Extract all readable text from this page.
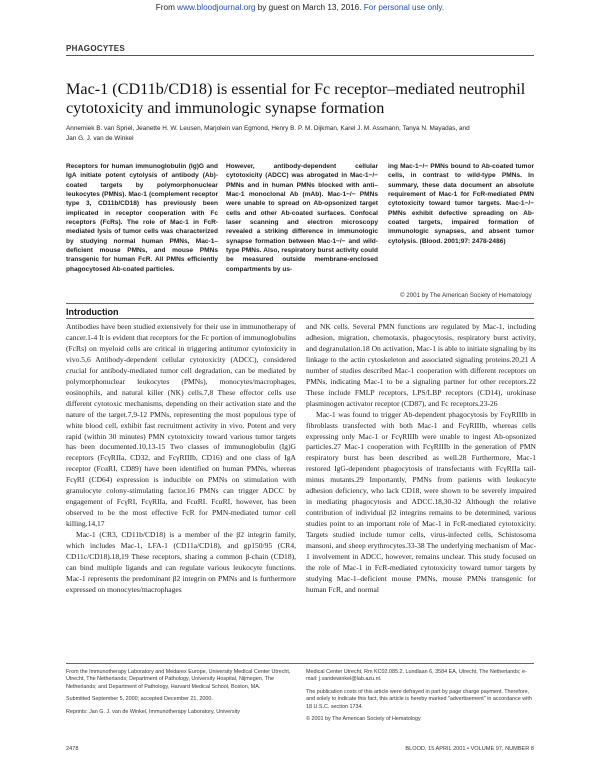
From www.bloodjournal.org by guest on March 13, 2016. For personal use only.
PHAGOCYTES
Mac-1 (CD11b/CD18) is essential for Fc receptor–mediated neutrophil cytotoxicity and immunologic synapse formation
Annemiek B. van Spriel, Jeanette H. W. Leusen, Marjolein van Egmond, Henry B. P. M. Dijkman, Karel J. M. Assmann, Tanya N. Mayadas, and Jan G. J. van de Winkel
Receptors for human immunoglobulin (Ig)G and IgA initiate potent cytolysis of antibody (Ab)-coated targets by polymorphonuclear leukocytes (PMNs). Mac-1 (complement receptor type 3, CD11b/CD18) has previously been implicated in receptor cooperation with Fc receptors (FcRs). The role of Mac-1 in FcR-mediated lysis of tumor cells was characterized by studying normal human PMNs, Mac-1–deficient mouse PMNs, and mouse PMNs transgenic for human FcR. All PMNs efficiently phagocytosed Ab-coated particles.
However, antibody-dependent cellular cytotoxicity (ADCC) was abrogated in Mac-1−/− PMNs and in human PMNs blocked with anti–Mac-1 monoclonal Ab (mAb). Mac-1−/− PMNs were unable to spread on Ab-opsonized target cells and other Ab-coated surfaces. Confocal laser scanning and electron microscopy revealed a striking difference in immunologic synapse formation between Mac-1−/− and wild-type PMNs. Also, respiratory burst activity could be measured outside membrane-enclosed compartments by us-
ing Mac-1−/− PMNs bound to Ab-coated tumor cells, in contrast to wild-type PMNs. In summary, these data document an absolute requirement of Mac-1 for FcR-mediated PMN cytotoxicity toward tumor targets. Mac-1−/− PMNs exhibit defective spreading on Ab-coated targets, impaired formation of immunologic synapses, and absent tumor cytolysis. (Blood. 2001;97: 2478-2486)
© 2001 by The American Society of Hematology
Introduction

Antibodies have been studied extensively for their use in immunotherapy of cancer.1-4 It is evident that receptors for the Fc portion of immunoglobulins (FcRs) on myeloid cells are critical in triggering antitumor cytotoxicity in vivo.5,6 Antibody-dependent cellular cytotoxicity (ADCC), considered crucial for antibody-mediated tumor cell degradation, can be mediated by polymorphonuclear leukocytes (PMNs), monocytes/macrophages, eosinophils, and natural killer (NK) cells.7,8 These effector cells use different cytotoxic mechanisms, depending on their activation state and the nature of the target.7,9-12 PMNs, representing the most populous type of white blood cell, exhibit fast recruitment activity in vivo. Potent and very rapid (within 30 minutes) PMN cytotoxicity toward various tumor targets has been documented.10,13-15 Two classes of immunoglobulin (Ig)G receptors (FcγRIIa, CD32, and FcγRIIIb, CD16) and one class of IgA receptor (FcαRI, CD89) have been identified on human PMNs, whereas FcγRI (CD64) expression is inducible on PMNs on stimulation with granulocyte colony-stimulating factor.16 PMNs can trigger ADCC by engagement of FcγRI, FcγRIIa, and FcαRI. FcαRI, however, has been observed to be the most effective FcR for PMN-mediated tumor cell killing.14,17

Mac-1 (CR3, CD11b/CD18) is a member of the β2 integrin family, which includes Mac-1, LFA-1 (CD11a/CD18), and gp150/95 (CR4, CD11c/CD18).18,19 These receptors, sharing a common β-chain (CD18), can bind multiple ligands and can regulate various leukocyte functions. Mac-1 represents the predominant β2 integrin on PMNs and is furthermore expressed on monocytes/macrophages

and NK cells. Several PMN functions are regulated by Mac-1, including adhesion, migration, chemotaxis, phagocytosis, respiratory burst activity, and degranulation.18 On activation, Mac-1 is able to initiate signaling by its linkage to the actin cytoskeleton and associated signaling proteins.20,21 A number of studies described Mac-1 cooperation with different receptors on PMNs, indicating Mac-1 to be a signaling partner for other receptors.22 These include FMLP receptors, LPS/LBP receptors (CD14), urokinase plasminogen activator receptor (CD87), and Fc receptors.23-26

Mac-1 was found to trigger Ab-dependent phagocytosis by FcγRIIIb in fibroblasts transfected with both Mac-1 and FcγRIIIb, whereas cells expressing only Mac-1 or FcγRIIIb were unable to ingest Ab-opsonized particles.27 Mac-1 cooperation with FcγRIIIb in the generation of PMN respiratory burst has been described as well.28 Furthermore, Mac-1 restored IgG-dependent phagocytosis of transfectants with FcγRIIa tail-minus mutants.29 Importantly, PMNs from patients with leukocyte adhesion deficiency, who lack CD18, were shown to be severely impaired in mediating phagocytosis and ADCC.18,30-32 Although the relative contribution of individual β2 integrins remains to be determined, various studies point to an important role of Mac-1 in FcR-mediated cytotoxicity. Targets studied include tumor cells, virus-infected cells, Schistosoma mansoni, and sheep erythrocytes.33-38 The underlying mechanism of Mac-1 involvement in ADCC, however, remains unclear. This study focused on the role of Mac-1 in FcR-mediated cytotoxicity toward tumor targets by studying Mac-1–deficient mouse PMNs, mouse PMNs transgenic for human FcR, and normal

From the Immunotherapy Laboratory and Medarex Europe, University Medical Center Utrecht, Utrecht, The Netherlands; Department of Pathology, University Hospital, Nijmegen, The Netherlands; and Department of Pathology, Harvard Medical School, Boston, MA.

Submitted September 5, 2000; accepted December 21, 2000.

Reprints: Jan G. J. van de Winkel, Immunotherapy Laboratory, University

Medical Center Utrecht, Rm KC02.085.2, Lundlaan 6, 3584 EA, Utrecht, The Netherlands; e-mail: j.vandewinkel@lab.azu.nl.

The publication costs of this article were defrayed in part by page charge payment. Therefore, and solely to indicate this fact, this article is hereby marked "advertisement" in accordance with 18 U.S.C. section 1734.

© 2001 by The American Society of Hematology

2478	BLOOD, 15 APRIL 2001 • VOLUME 97, NUMBER 8
